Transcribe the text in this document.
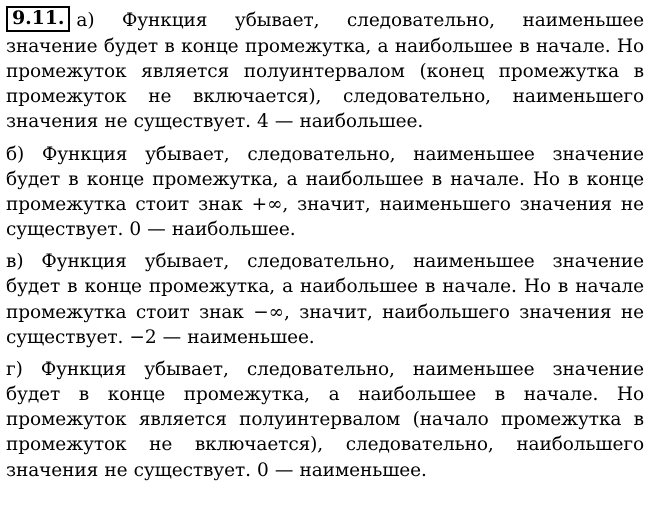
9.11. а) Функция убывает, следовательно, наименьшее значение будет в конце промежутка, а наибольшее в начале. Но промежуток является полуинтервалом (конец промежутка в промежуток не включается), следовательно, наименьшего значения не существует. 4 — наибольшее.

б) Функция убывает, следовательно, наименьшее значение будет в конце промежутка, а наибольшее в начале. Но в конце промежутка стоит знак +∞, значит, наименьшего значения не существует. 0 — наибольшее.

в) Функция убывает, следовательно, наименьшее значение будет в конце промежутка, а наибольшее в начале. Но в начале промежутка стоит знак −∞, значит, наибольшего значения не существует. −2 — наименьшее.

г) Функция убывает, следовательно, наименьшее значение будет в конце промежутка, а наибольшее в начале. Но промежуток является полуинтервалом (начало промежутка в промежуток не включается), следовательно, наибольшего значения не существует. 0 — наименьшее.
